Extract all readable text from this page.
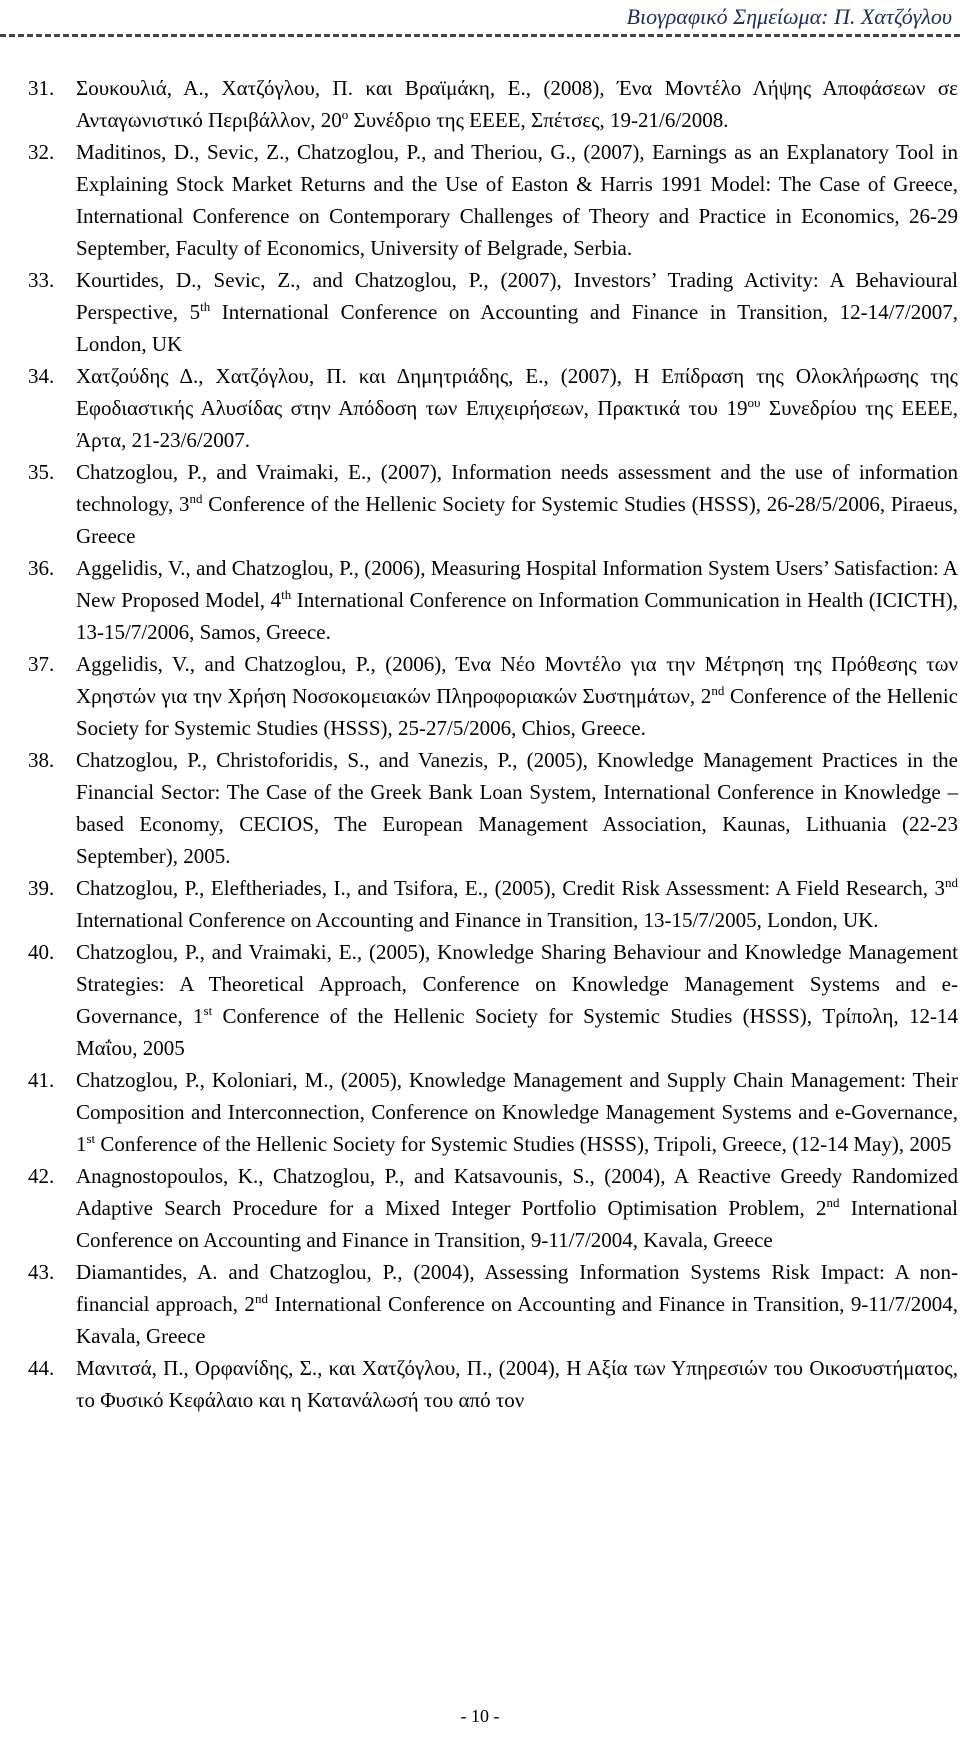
Βιογραφικό Σημείωμα: Π. Χατζόγλου
31.	Σουκουλιά, Α., Χατζόγλου, Π. και Βραϊμάκη, Ε., (2008), Ένα Μοντέλο Λήψης Αποφάσεων σε Ανταγωνιστικό Περιβάλλον, $20^o$ Συνέδριο της ΕΕΕΕ, Σπέτσες, 19-21/6/2008.
32.	Maditinos, D., Sevic, Z., Chatzoglou, P., and Theriou, G., (2007), Earnings as an Explanatory Tool in Explaining Stock Market Returns and the Use of Easton & Harris 1991 Model: The Case of Greece, International Conference on Contemporary Challenges of Theory and Practice in Economics, 26-29 September, Faculty of Economics, University of Belgrade, Serbia.
33.	Kourtides, D., Sevic, Z., and Chatzoglou, P., (2007), Investors’ Trading Activity: A Behavioural Perspective, 5th International Conference on Accounting and Finance in Transition, 12-14/7/2007, London, UK
34.	Χατζούδης Δ., Χατζόγλου, Π. και Δημητριάδης, Ε., (2007), Η Επίδραση της Ολοκλήρωσης της Εφοδιαστικής Αλυσίδας στην Απόδοση των Επιχειρήσεων, Πρακτικά του $19^{o\upsilon}$ Συνεδρίου της ΕΕΕΕ, Άρτα, 21-23/6/2007.
35.	Chatzoglou, P., and Vraimaki, E., (2007), Information needs assessment and the use of information technology, 3nd Conference of the Hellenic Society for Systemic Studies (HSSS), 26-28/5/2006, Piraeus, Greece
36.	Aggelidis, V., and Chatzoglou, P., (2006), Measuring Hospital Information System Users’ Satisfaction: A New Proposed Model, 4th International Conference on Information Communication in Health (ICICTH), 13-15/7/2006, Samos, Greece.
37.	Aggelidis, V., and Chatzoglou, P., (2006), Ένα Νέο Μοντέλο για την Μέτρηση της Πρόθεσης των Χρηστών για την Χρήση Νοσοκομειακών Πληροφοριακών Συστημάτων, 2nd Conference of the Hellenic Society for Systemic Studies (HSSS), 25-27/5/2006, Chios, Greece.
38.	Chatzoglou, P., Christoforidis, S., and Vanezis, P., (2005), Knowledge Management Practices in the Financial Sector: The Case of the Greek Bank Loan System, International Conference in Knowledge –based Economy, CECIOS, The European Management Association, Kaunas, Lithuania (22-23 September), 2005.
39.	Chatzoglou, P., Eleftheriades, I., and Tsifora, E., (2005), Credit Risk Assessment: A Field Research, 3nd International Conference on Accounting and Finance in Transition, 13-15/7/2005, London, UK.
40.	Chatzoglou, P., and Vraimaki, E., (2005), Knowledge Sharing Behaviour and Knowledge Management Strategies: A Theoretical Approach, Conference on Knowledge Management Systems and e-Governance, 1st Conference of the Hellenic Society for Systemic Studies (HSSS), Τρίπολη, 12-14 Μαΐου, 2005
41.	Chatzoglou, P., Koloniari, M., (2005), Knowledge Management and Supply Chain Management: Their Composition and Interconnection, Conference on Knowledge Management Systems and e-Governance, 1st Conference of the Hellenic Society for Systemic Studies (HSSS), Tripoli, Greece, (12-14 May), 2005
42.	Anagnostopoulos, K., Chatzoglou, P., and Katsavounis, S., (2004), A Reactive Greedy Randomized Adaptive Search Procedure for a Mixed Integer Portfolio Optimisation Problem, 2nd International Conference on Accounting and Finance in Transition, 9-11/7/2004, Kavala, Greece
43.	Diamantides, A. and Chatzoglou, P., (2004), Assessing Information Systems Risk Impact: A non-financial approach, 2nd International Conference on Accounting and Finance in Transition, 9-11/7/2004, Kavala, Greece
44.	Μανιτσά, Π., Ορφανίδης, Σ., και Χατζόγλου, Π., (2004), Η Αξία των Υπηρεσιών του Οικοσυστήματος, το Φυσικό Κεφάλαιο και η Κατανάλωσή του από τον
- 10 -
